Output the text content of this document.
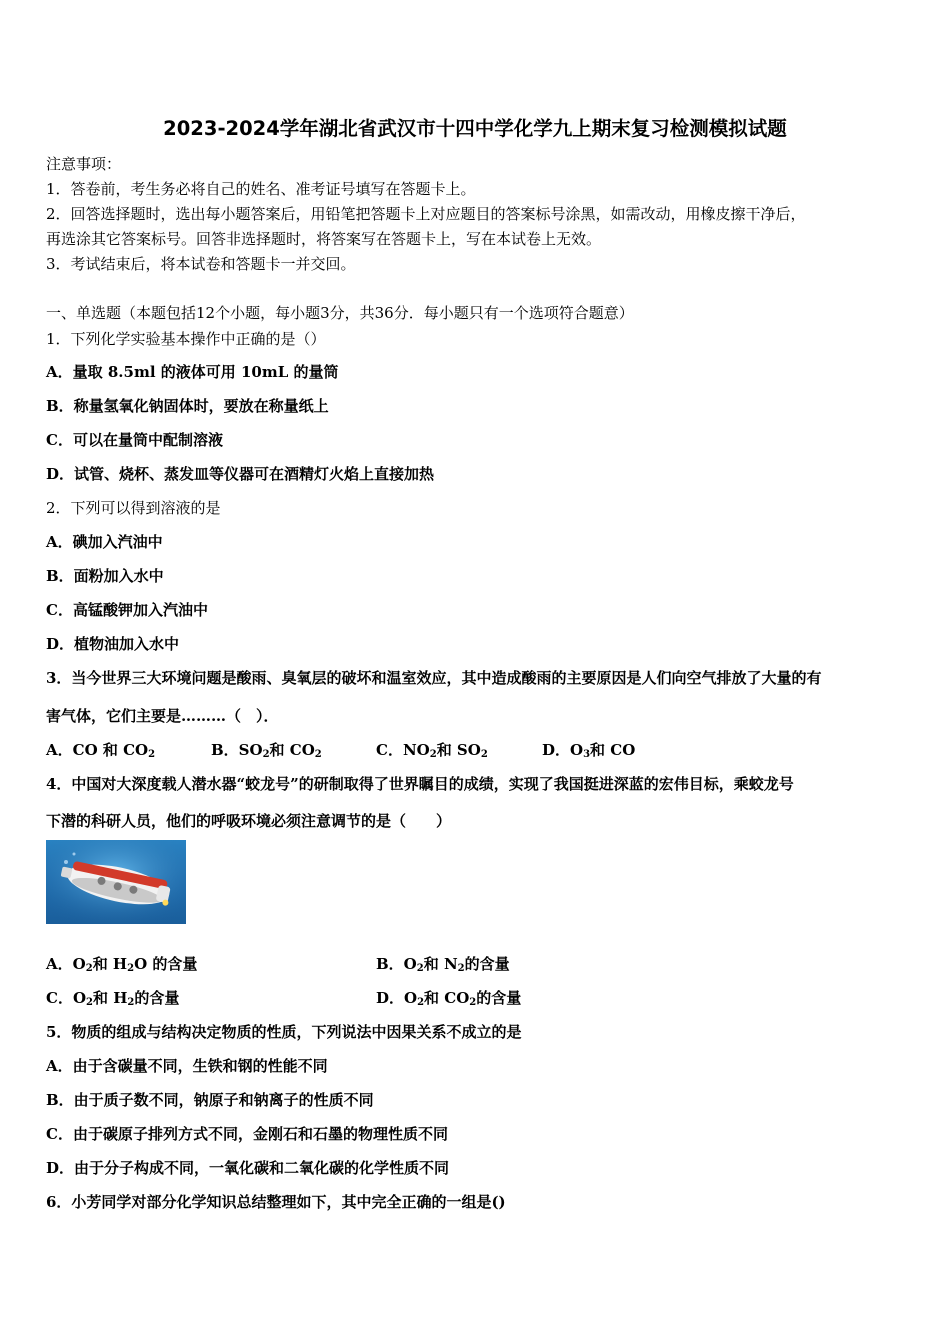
2023-2024学年湖北省武汉市十四中学化学九上期末复习检测模拟试题
注意事项：
1．答卷前，考生务必将自己的姓名、准考证号填写在答题卡上。
2．回答选择题时，选出每小题答案后，用铅笔把答题卡上对应题目的答案标号涂黑，如需改动，用橡皮擦干净后，
再选涂其它答案标号。回答非选择题时，将答案写在答题卡上，写在本试卷上无效。
3．考试结束后，将本试卷和答题卡一并交回。
一、单选题（本题包括12个小题，每小题3分，共36分．每小题只有一个选项符合题意）
1．下列化学实验基本操作中正确的是（）
A．量取 8.5ml 的液体可用 10mL 的量筒
B．称量氢氧化钠固体时，要放在称量纸上
C．可以在量筒中配制溶液
D．试管、烧杯、蒸发皿等仪器可在酒精灯火焰上直接加热
2．下列可以得到溶液的是
A．碘加入汽油中
B．面粉加入水中
C．高锰酸钾加入汽油中
D．植物油加入水中
3．当今世界三大环境问题是酸雨、臭氧层的破坏和温室效应，其中造成酸雨的主要原因是人们向空气排放了大量的有
害气体，它们主要是………（　）．
A．CO 和 $CO_2$	B．$SO_2$和 $CO_2$	C．$NO_2$和 $SO_2$	D．$O_3$和 CO
4．中国对大深度载人潜水器“蛟龙号”的研制取得了世界瞩目的成绩，实现了我国挺进深蓝的宏伟目标，乘蛟龙号
下潜的科研人员，他们的呼吸环境必须注意调节的是（　　）
A．$O_2$和 $H_2O$ 的含量	B．$O_2$和 $N_2$的含量
C．$O_2$和 $H_2$的含量	D．$O_2$和 $CO_2$的含量
5．物质的组成与结构决定物质的性质，下列说法中因果关系不成立的是
A．由于含碳量不同，生铁和钢的性能不同
B．由于质子数不同，钠原子和钠离子的性质不同
C．由于碳原子排列方式不同，金刚石和石墨的物理性质不同
D．由于分子构成不同，一氧化碳和二氧化碳的化学性质不同
6．小芳同学对部分化学知识总结整理如下，其中完全正确的一组是()
